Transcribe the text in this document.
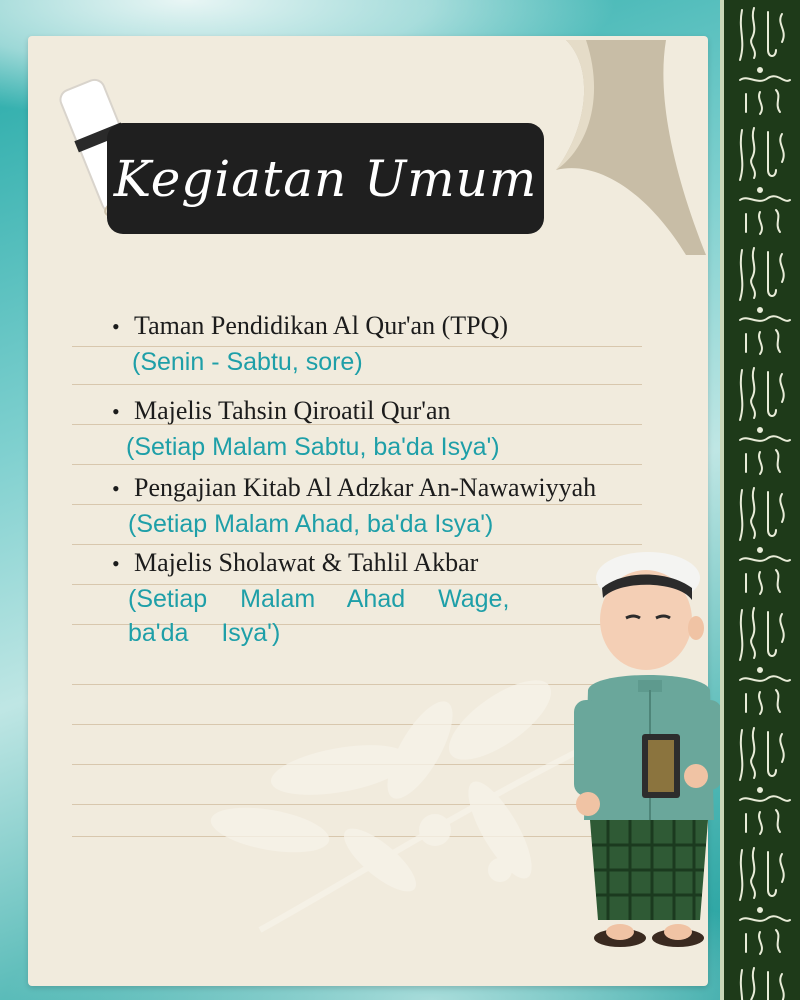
Kegiatan Umum
• Taman Pendidikan Al Qur'an (TPQ)
(Senin - Sabtu, sore)
• Majelis Tahsin Qiroatil Qur'an
(Setiap Malam Sabtu, ba'da Isya')
• Pengajian Kitab Al Adzkar An-Nawawiyyah
(Setiap Malam Ahad, ba'da Isya')
• Majelis Sholawat & Tahlil Akbar
(Setiap Malam Ahad Wage,
ba'da Isya')
